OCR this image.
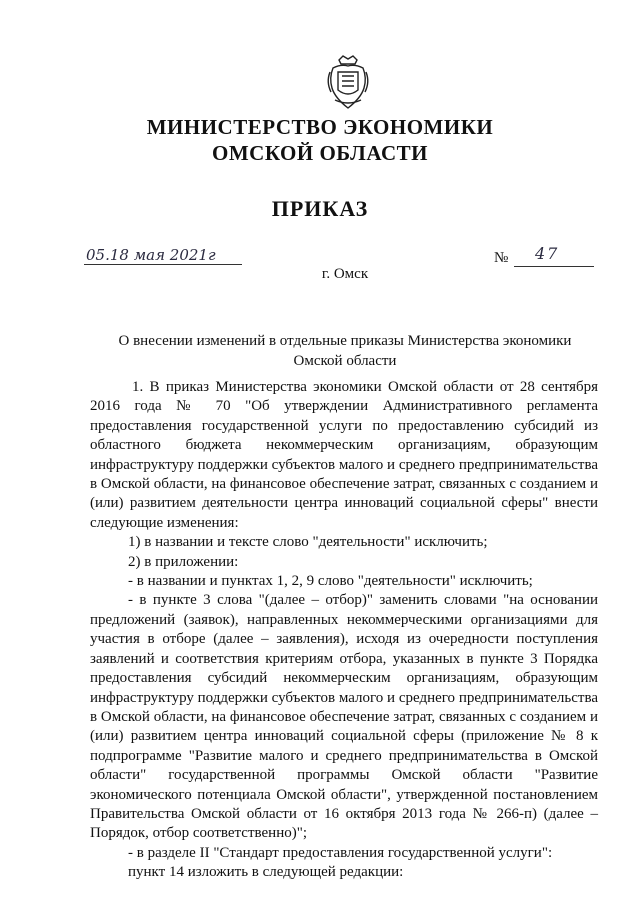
МИНИСТЕРСТВО ЭКОНОМИКИ
ОМСКОЙ ОБЛАСТИ
ПРИКАЗ
05.18 мая 2021г	№ 47
г. Омск
О внесении изменений в отдельные приказы Министерства экономики Омской области

1. В приказ Министерства экономики Омской области от 28 сентября 2016 года № 70 "Об утверждении Административного регламента предоставления государственной услуги по предоставлению субсидий из областного бюджета некоммерческим организациям, образующим инфраструктуру поддержки субъектов малого и среднего предпринимательства в Омской области, на финансовое обеспечение затрат, связанных с созданием и (или) развитием деятельности центра инноваций социальной сферы" внести следующие изменения:

1) в названии и тексте слово "деятельности" исключить;

2) в приложении:

- в названии и пунктах 1, 2, 9 слово "деятельности" исключить;

- в пункте 3 слова "(далее – отбор)" заменить словами "на основании предложений (заявок), направленных некоммерческими организациями для участия в отборе (далее – заявления), исходя из очередности поступления заявлений и соответствия критериям отбора, указанных в пункте 3 Порядка предоставления субсидий некоммерческим организациям, образующим инфраструктуру поддержки субъектов малого и среднего предпринимательства в Омской области, на финансовое обеспечение затрат, связанных с созданием и (или) развитием центра инноваций социальной сферы (приложение № 8 к подпрограмме "Развитие малого и среднего предпринимательства в Омской области" государственной программы Омской области "Развитие экономического потенциала Омской области", утвержденной постановлением Правительства Омской области от 16 октября 2013 года № 266-п) (далее – Порядок, отбор соответственно)";

- в разделе II "Стандарт предоставления государственной услуги":

пункт 14 изложить в следующей редакции:
